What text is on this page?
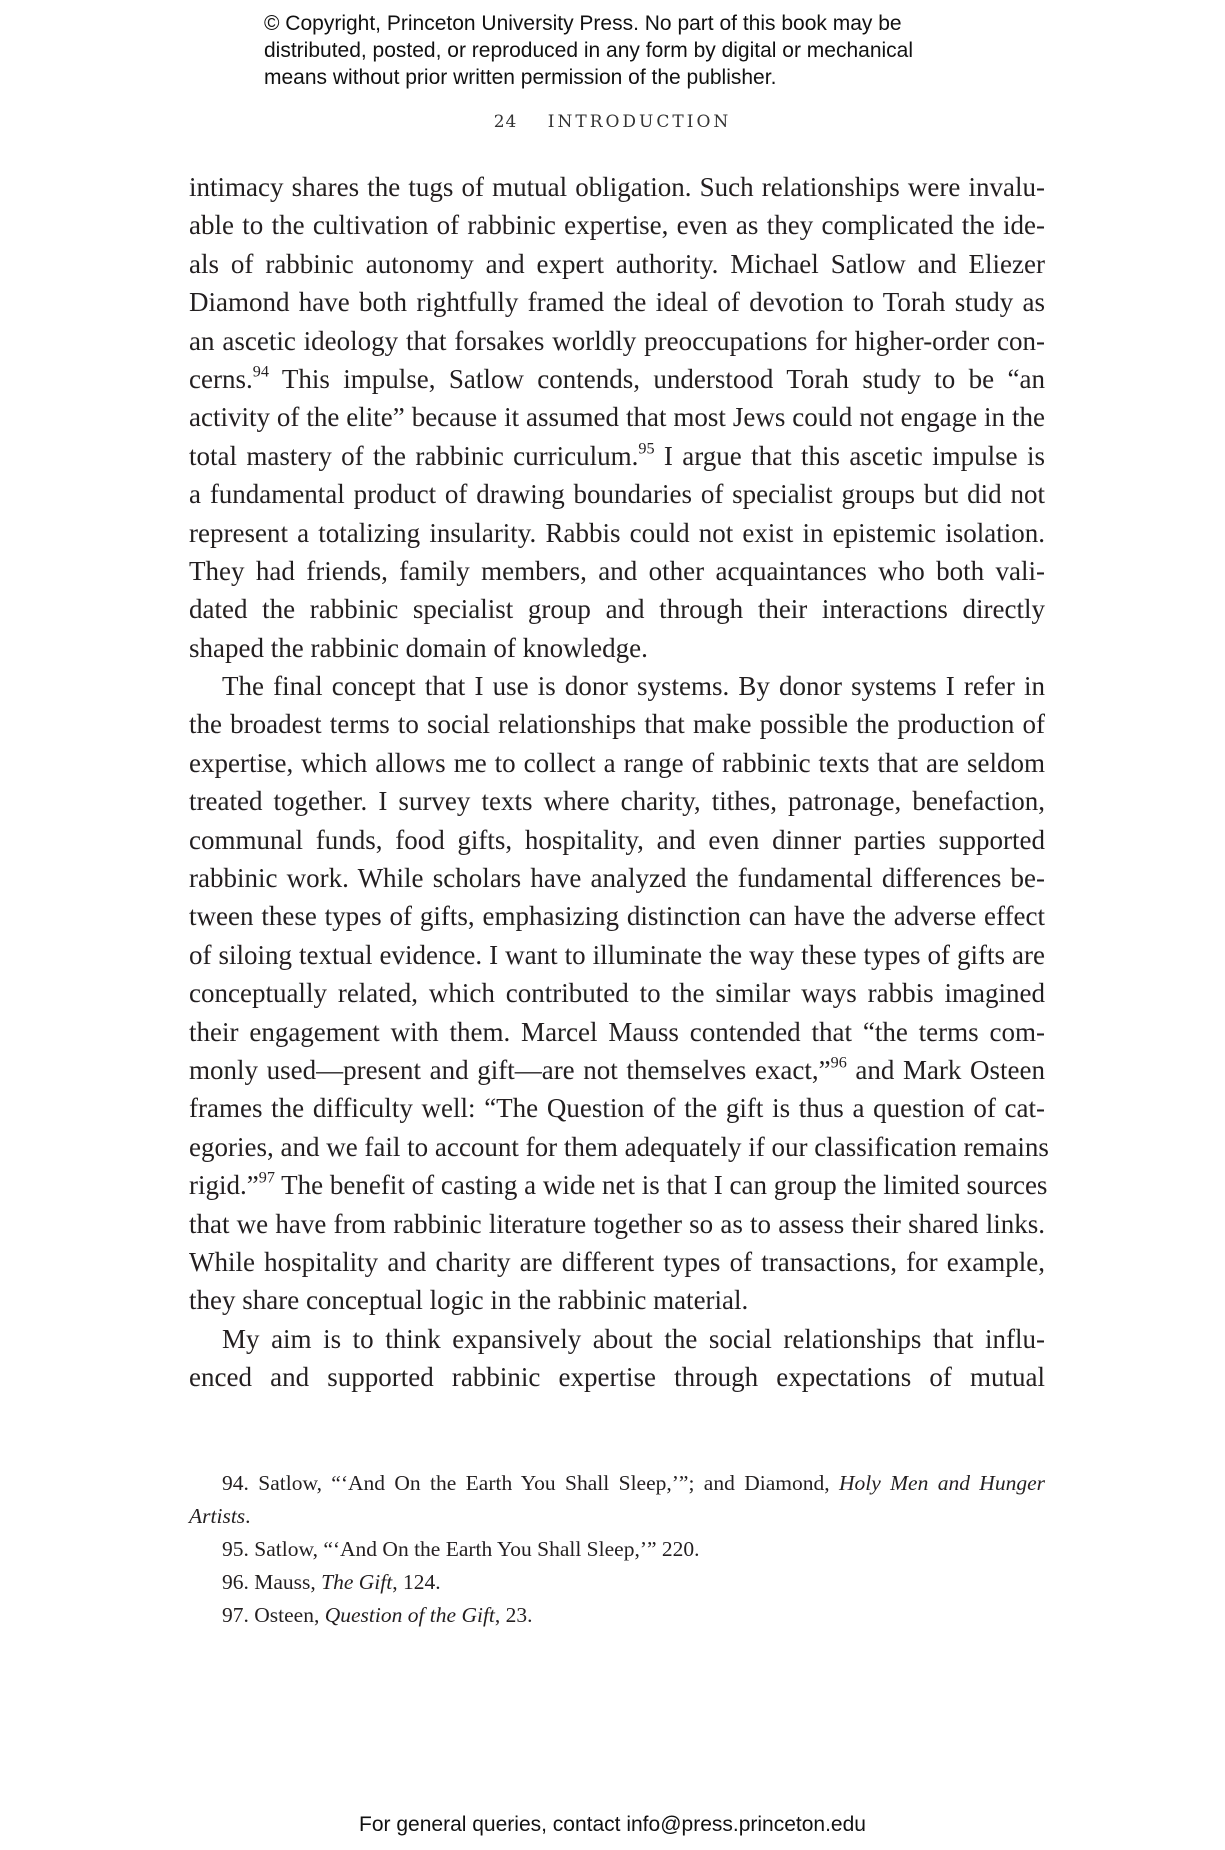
© Copyright, Princeton University Press. No part of this book may be
distributed, posted, or reproduced in any form by digital or mechanical
means without prior written permission of the publisher.
24 INTRODUCTION
intimacy shares the tugs of mutual obligation. Such relationships were invalu-
able to the cultivation of rabbinic expertise, even as they complicated the ide-
als of rabbinic autonomy and expert authority. Michael Satlow and Eliezer
Diamond have both rightfully framed the ideal of devotion to Torah study as
an ascetic ideology that forsakes worldly preoccupations for higher-order con-
cerns.$^{94}$ This impulse, Satlow contends, understood Torah study to be “an
activity of the elite” because it assumed that most Jews could not engage in the
total mastery of the rabbinic curriculum.$^{95}$ I argue that this ascetic impulse is
a fundamental product of drawing boundaries of specialist groups but did not
represent a totalizing insularity. Rabbis could not exist in epistemic isolation.
They had friends, family members, and other acquaintances who both vali-
dated the rabbinic specialist group and through their interactions directly
shaped the rabbinic domain of knowledge.
The final concept that I use is donor systems. By donor systems I refer in
the broadest terms to social relationships that make possible the production of
expertise, which allows me to collect a range of rabbinic texts that are seldom
treated together. I survey texts where charity, tithes, patronage, benefaction,
communal funds, food gifts, hospitality, and even dinner parties supported
rabbinic work. While scholars have analyzed the fundamental differences be-
tween these types of gifts, emphasizing distinction can have the adverse effect
of siloing textual evidence. I want to illuminate the way these types of gifts are
conceptually related, which contributed to the similar ways rabbis imagined
their engagement with them. Marcel Mauss contended that “the terms com-
monly used—present and gift—are not themselves exact,”$^{96}$ and Mark Osteen
frames the difficulty well: “The Question of the gift is thus a question of cat-
egories, and we fail to account for them adequately if our classification remains
rigid.”$^{97}$ The benefit of casting a wide net is that I can group the limited sources
that we have from rabbinic literature together so as to assess their shared links.
While hospitality and charity are different types of transactions, for example,
they share conceptual logic in the rabbinic material.
My aim is to think expansively about the social relationships that influ-
enced and supported rabbinic expertise through expectations of mutual
94. Satlow, “‘And On the Earth You Shall Sleep,’”; and Diamond, Holy Men and Hunger
Artists.
95. Satlow, “‘And On the Earth You Shall Sleep,’” 220.
96. Mauss, The Gift, 124.
97. Osteen, Question of the Gift, 23.
For general queries, contact info@press.princeton.edu
